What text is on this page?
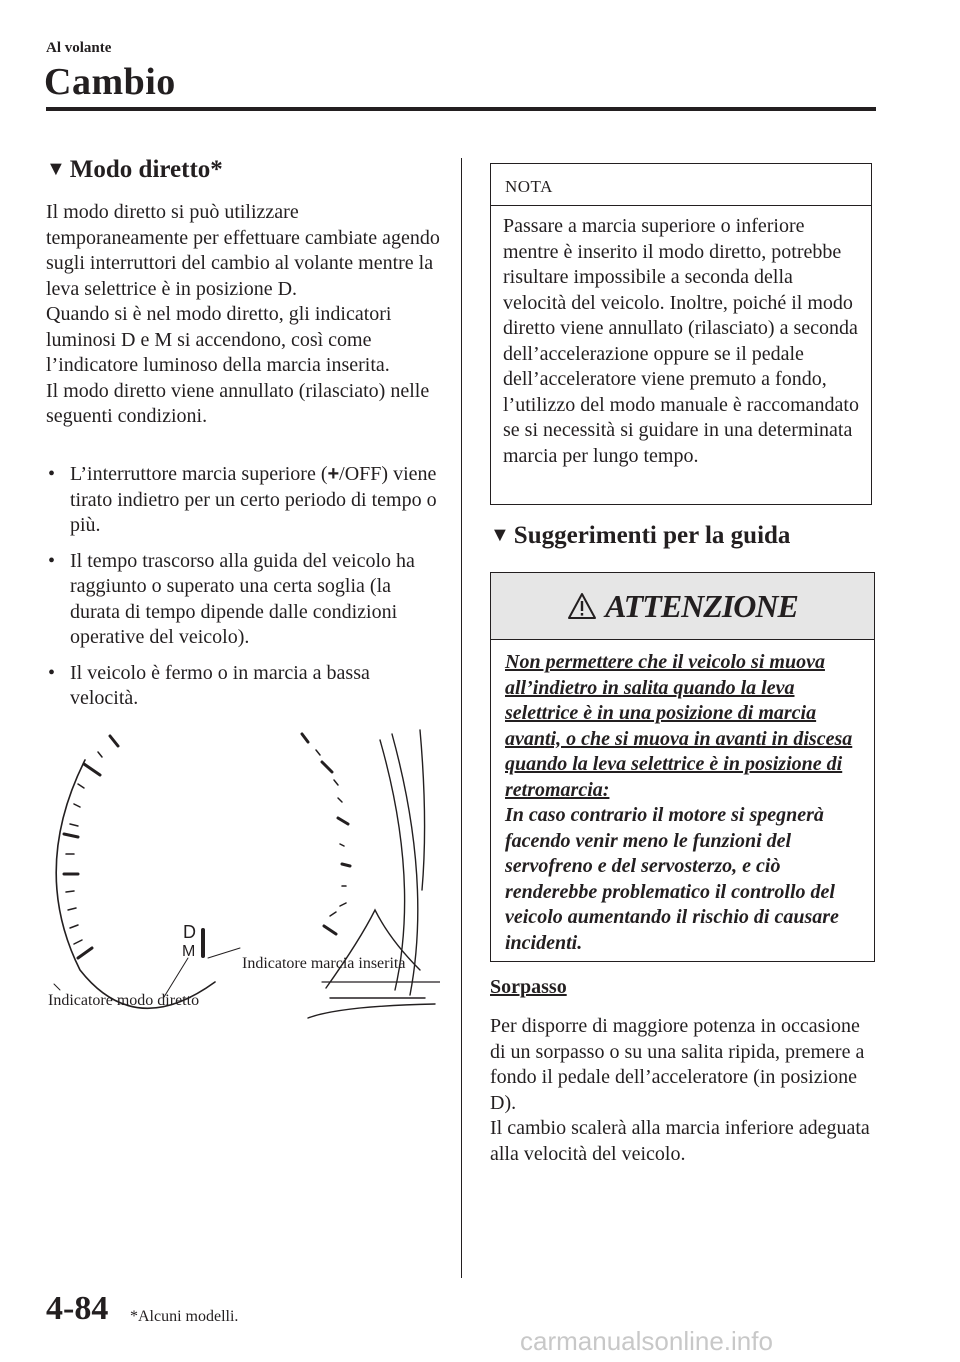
Al volante
Cambio
▼ Modo diretto*
Il modo diretto si può utilizzare temporaneamente per effettuare cambiate agendo sugli interruttori del cambio al volante mentre la leva selettrice è in posizione D.
Quando si è nel modo diretto, gli indicatori luminosi D e M si accendono, così come l’indicatore luminoso della marcia inserita.
Il modo diretto viene annullato (rilasciato) nelle seguenti condizioni.
• L’interruttore marcia superiore (+/OFF) viene tirato indietro per un certo periodo di tempo o più.
• Il tempo trascorso alla guida del veicolo ha raggiunto o superato una certa soglia (la durata di tempo dipende dalle condizioni operative del veicolo).
• Il veicolo è fermo o in marcia a bassa velocità.
D
M
Indicatore marcia inserita
Indicatore modo diretto
NOTA
Passare a marcia superiore o inferiore mentre è inserito il modo diretto, potrebbe risultare impossibile a seconda della velocità del veicolo. Inoltre, poiché il modo diretto viene annullato (rilasciato) a seconda dell’accelerazione oppure se il pedale dell’acceleratore viene premuto a fondo, l’utilizzo del modo manuale è raccomandato se si necessità si guidare in una determinata marcia per lungo tempo.
▼ Suggerimenti per la guida
ATTENZIONE
Non permettere che il veicolo si muova all’indietro in salita quando la leva selettrice è in una posizione di marcia avanti, o che si muova in avanti in discesa quando la leva selettrice è in posizione di retromarcia:
In caso contrario il motore si spegnerà facendo venir meno le funzioni del servofreno e del servosterzo, e ciò renderebbe problematico il controllo del veicolo aumentando il rischio di causare incidenti.
Sorpasso
Per disporre di maggiore potenza in occasione di un sorpasso o su una salita ripida, premere a fondo il pedale dell’acceleratore (in posizione D).
Il cambio scalerà alla marcia inferiore adeguata alla velocità del veicolo.
4-84 *Alcuni modelli.
carmanualsonline.info
